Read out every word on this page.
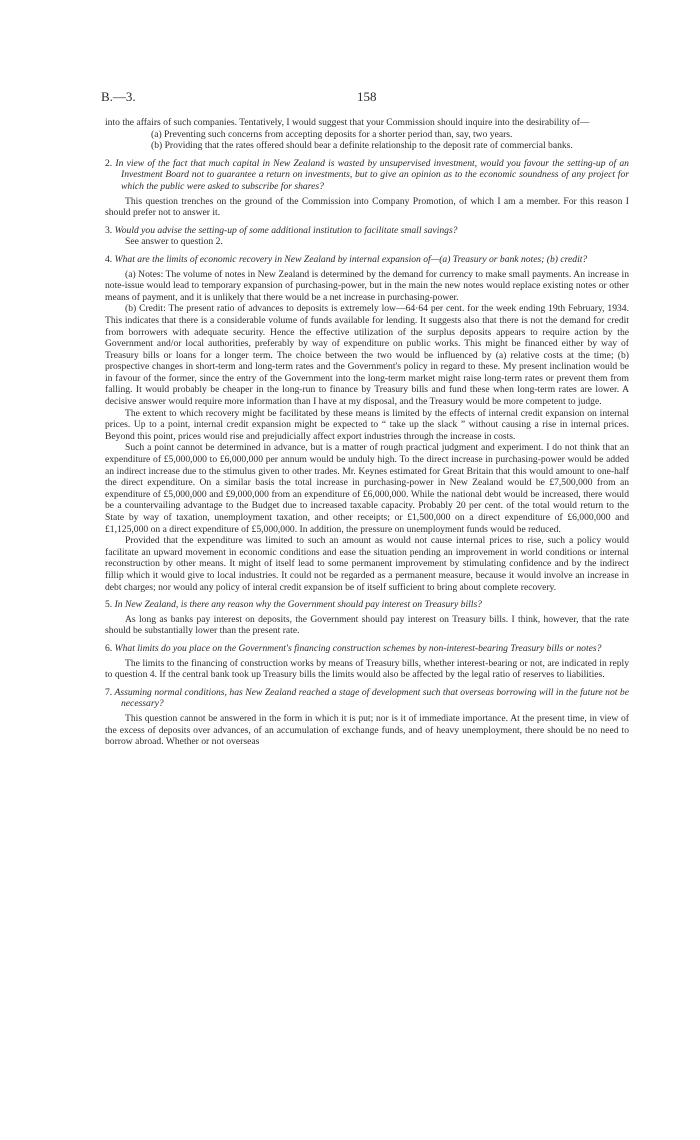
B.—3.	158

into the affairs of such companies. Tentatively, I would suggest that your Commission should inquire into the desirability of—

(a) Preventing such concerns from accepting deposits for a shorter period than, say, two years.

(b) Providing that the rates offered should bear a definite relationship to the deposit rate of commercial banks.

2. In view of the fact that much capital in New Zealand is wasted by unsupervised investment, would you favour the setting-up of an Investment Board not to guarantee a return on investments, but to give an opinion as to the economic soundness of any project for which the public were asked to subscribe for shares?

This question trenches on the ground of the Commission into Company Promotion, of which I am a member. For this reason I should prefer not to answer it.

3. Would you advise the setting-up of some additional institution to facilitate small savings?

See answer to question 2.

4. What are the limits of economic recovery in New Zealand by internal expansion of—(a) Treasury or bank notes; (b) credit?

(a) Notes: The volume of notes in New Zealand is determined by the demand for currency to make small payments. An increase in note-issue would lead to temporary expansion of purchasing-power, but in the main the new notes would replace existing notes or other means of payment, and it is unlikely that there would be a net increase in purchasing-power.

(b) Credit: The present ratio of advances to deposits is extremely low—64·64 per cent. for the week ending 19th February, 1934. This indicates that there is a considerable volume of funds available for lending. It suggests also that there is not the demand for credit from borrowers with adequate security. Hence the effective utilization of the surplus deposits appears to require action by the Government and/or local authorities, preferably by way of expenditure on public works. This might be financed either by way of Treasury bills or loans for a longer term. The choice between the two would be influenced by (a) relative costs at the time; (b) prospective changes in short-term and long-term rates and the Government's policy in regard to these. My present inclination would be in favour of the former, since the entry of the Government into the long-term market might raise long-term rates or prevent them from falling. It would probably be cheaper in the long-run to finance by Treasury bills and fund these when long-term rates are lower. A decisive answer would require more information than I have at my disposal, and the Treasury would be more competent to judge.

The extent to which recovery might be facilitated by these means is limited by the effects of internal credit expansion on internal prices. Up to a point, internal credit expansion might be expected to “ take up the slack ” without causing a rise in internal prices. Beyond this point, prices would rise and prejudicially affect export industries through the increase in costs.

Such a point cannot be determined in advance, but is a matter of rough practical judgment and experiment. I do not think that an expenditure of £5,000,000 to £6,000,000 per annum would be unduly high. To the direct increase in purchasing-power would be added an indirect increase due to the stimulus given to other trades. Mr. Keynes estimated for Great Britain that this would amount to one-half the direct expenditure. On a similar basis the total increase in purchasing-power in New Zealand would be £7,500,000 from an expenditure of £5,000,000 and £9,000,000 from an expenditure of £6,000,000. While the national debt would be increased, there would be a countervailing advantage to the Budget due to increased taxable capacity. Probably 20 per cent. of the total would return to the State by way of taxation, unemployment taxation, and other receipts; or £1,500,000 on a direct expenditure of £6,000,000 and £1,125,000 on a direct expenditure of £5,000,000. In addition, the pressure on unemployment funds would be reduced.

Provided that the expenditure was limited to such an amount as would not cause internal prices to rise, such a policy would facilitate an upward movement in economic conditions and ease the situation pending an improvement in world conditions or internal reconstruction by other means. It might of itself lead to some permanent improvement by stimulating confidence and by the indirect fillip which it would give to local industries. It could not be regarded as a permanent measure, because it would involve an increase in debt charges; nor would any policy of interal credit expansion be of itself sufficient to bring about complete recovery.

5. In New Zealand, is there any reason why the Government should pay interest on Treasury bills?

As long as banks pay interest on deposits, the Government should pay interest on Treasury bills. I think, however, that the rate should be substantially lower than the present rate.

6. What limits do you place on the Government's financing construction schemes by non-interest-bearing Treasury bills or notes?

The limits to the financing of construction works by means of Treasury bills, whether interest-bearing or not, are indicated in reply to question 4. If the central bank took up Treasury bills the limits would also be affected by the legal ratio of reserves to liabilities.

7. Assuming normal conditions, has New Zealand reached a stage of development such that overseas borrowing will in the future not be necessary?

This question cannot be answered in the form in which it is put; nor is it of immediate importance. At the present time, in view of the excess of deposits over advances, of an accumulation of exchange funds, and of heavy unemployment, there should be no need to borrow abroad. Whether or not overseas
